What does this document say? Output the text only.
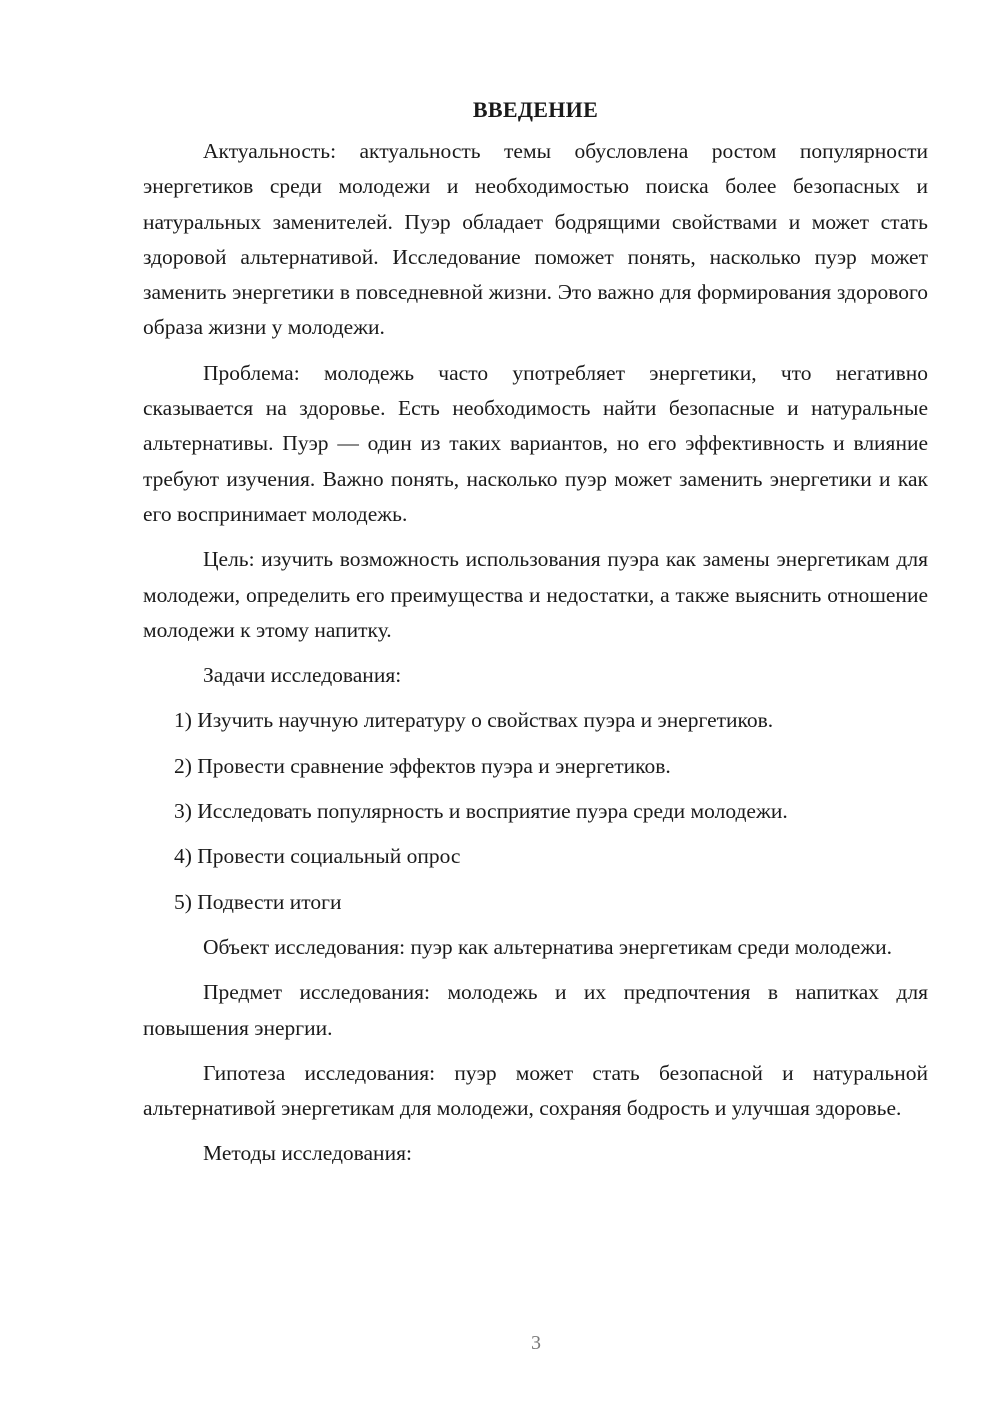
ВВЕДЕНИЕ

Актуальность: актуальность темы обусловлена ростом популярности энергетиков среди молодежи и необходимостью поиска более безопасных и натуральных заменителей. Пуэр обладает бодрящими свойствами и может стать здоровой альтернативой. Исследование поможет понять, насколько пуэр может заменить энергетики в повседневной жизни. Это важно для формирования здорового образа жизни у молодежи.

Проблема: молодежь часто употребляет энергетики, что негативно сказывается на здоровье. Есть необходимость найти безопасные и натуральные альтернативы. Пуэр — один из таких вариантов, но его эффективность и влияние требуют изучения. Важно понять, насколько пуэр может заменить энергетики и как его воспринимает молодежь.

Цель: изучить возможность использования пуэра как замены энергетикам для молодежи, определить его преимущества и недостатки, а также выяснить отношение молодежи к этому напитку.

Задачи исследования:

1) Изучить научную литературу о свойствах пуэра и энергетиков.
2) Провести сравнение эффектов пуэра и энергетиков.
3) Исследовать популярность и восприятие пуэра среди молодежи.
4) Провести социальный опрос
5) Подвести итоги

Объект исследования: пуэр как альтернатива энергетикам среди молодежи.

Предмет исследования: молодежь и их предпочтения в напитках для повышения энергии.

Гипотеза исследования: пуэр может стать безопасной и натуральной альтернативой энергетикам для молодежи, сохраняя бодрость и улучшая здоровье.

Методы исследования:

3
